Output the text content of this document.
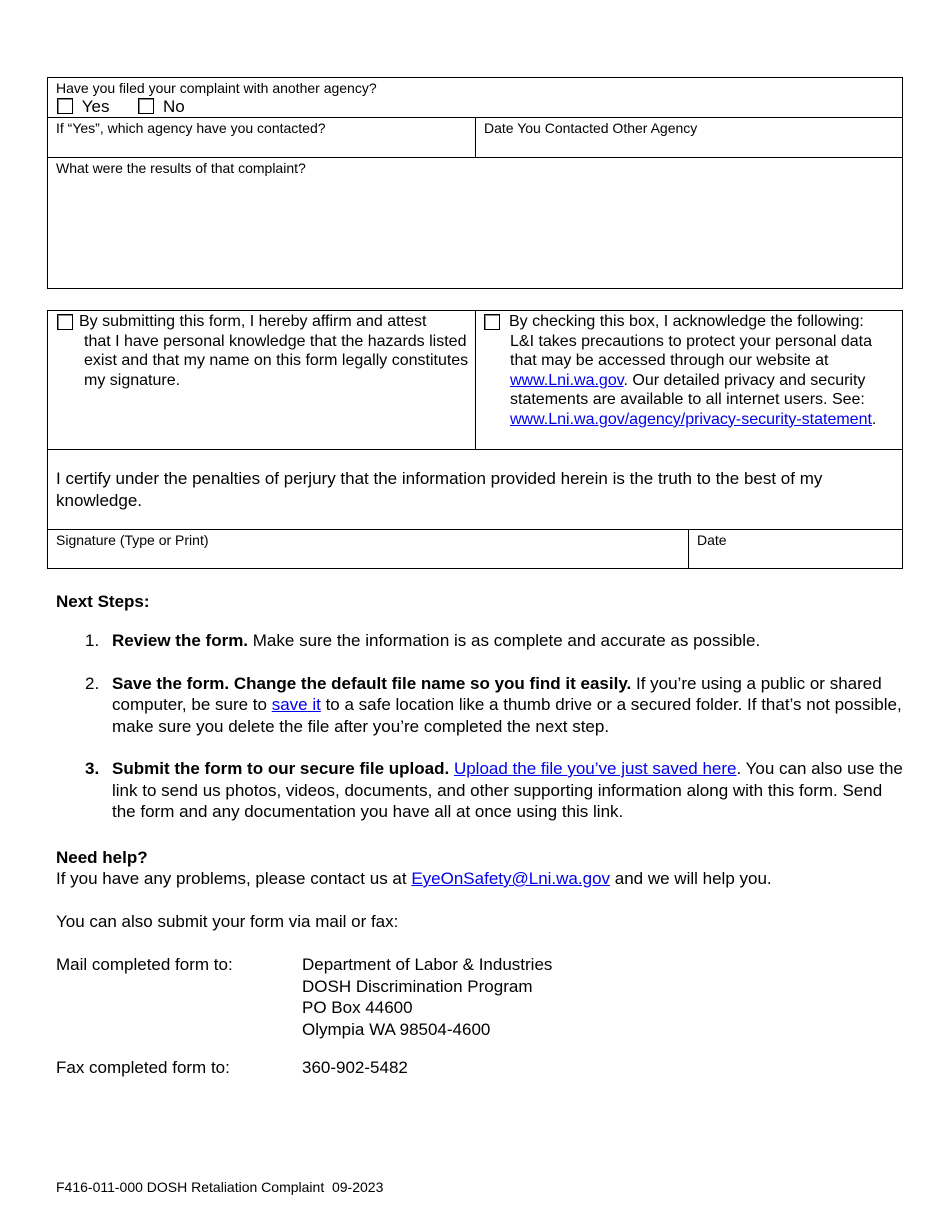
Have you filed your complaint with another agency?
Yes	No
If “Yes”, which agency have you contacted?	Date You Contacted Other Agency
What were the results of that complaint?
By submitting this form, I hereby affirm and attest

that I have personal knowledge that the hazards listed exist and that my name on this form legally constitutes my signature.
By checking this box, I acknowledge the following:

L&I takes precautions to protect your personal data that may be accessed through our website at www.Lni.wa.gov. Our detailed privacy and security statements are available to all internet users. See: www.Lni.wa.gov/agency/privacy-security-statement.
I certify under the penalties of perjury that the information provided herein is the truth to the best of my knowledge.
Signature (Type or Print)	Date
Next Steps:
1. Review the form. Make sure the information is as complete and accurate as possible.
2. Save the form. Change the default file name so you find it easily. If you’re using a public or shared computer, be sure to save it to a safe location like a thumb drive or a secured folder. If that’s not possible, make sure you delete the file after you’re completed the next step.
3. Submit the form to our secure file upload. Upload the file you’ve just saved here. You can also use the link to send us photos, videos, documents, and other supporting information along with this form. Send the form and any documentation you have all at once using this link.
Need help?
If you have any problems, please contact us at EyeOnSafety@Lni.wa.gov and we will help you.
You can also submit your form via mail or fax:
Mail completed form to:	Department of Labor & Industries
DOSH Discrimination Program
PO Box 44600
Olympia WA 98504-4600
Fax completed form to:	360-902-5482
F416-011-000 DOSH Retaliation Complaint  09-2023
